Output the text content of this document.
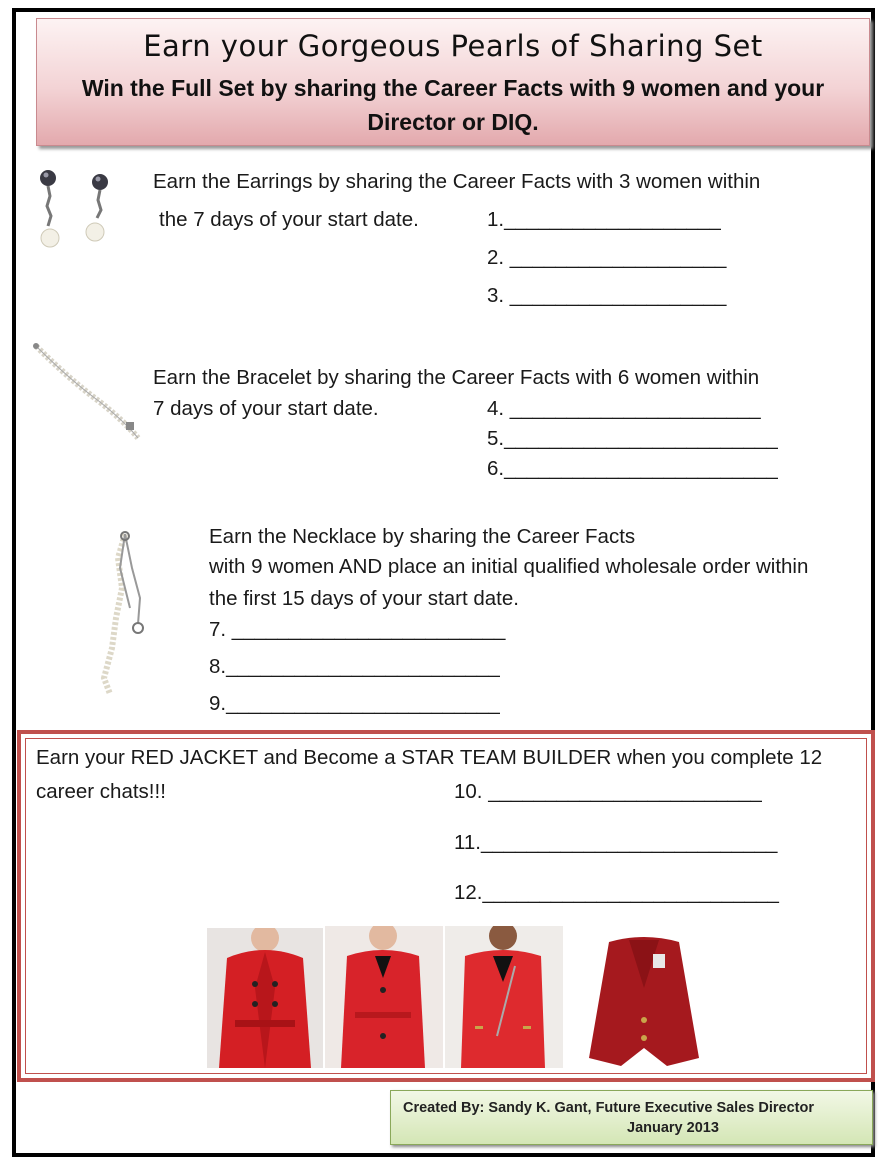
Earn your Gorgeous Pearls of Sharing Set
Win the Full Set by sharing the Career Facts with 9 women and your Director or DIQ.
Earn the Earrings by sharing the Career Facts with 3 women within
the 7 days of your start date.	1.___________________
2. ___________________
3. ___________________
Earn the Bracelet by sharing the Career Facts with 6 women within
7 days of your start date.	4. ______________________
5.________________________
6.________________________
Earn the Necklace by sharing the Career Facts
with 9 women AND place an initial qualified wholesale order within
the first 15 days of your start date.
7. ________________________
8.________________________
9.________________________
Earn your RED JACKET and Become a STAR TEAM BUILDER when you complete 12
career chats!!!	10. ________________________
11.__________________________
12.__________________________
Created By: Sandy K. Gant, Future Executive Sales Director
January 2013
